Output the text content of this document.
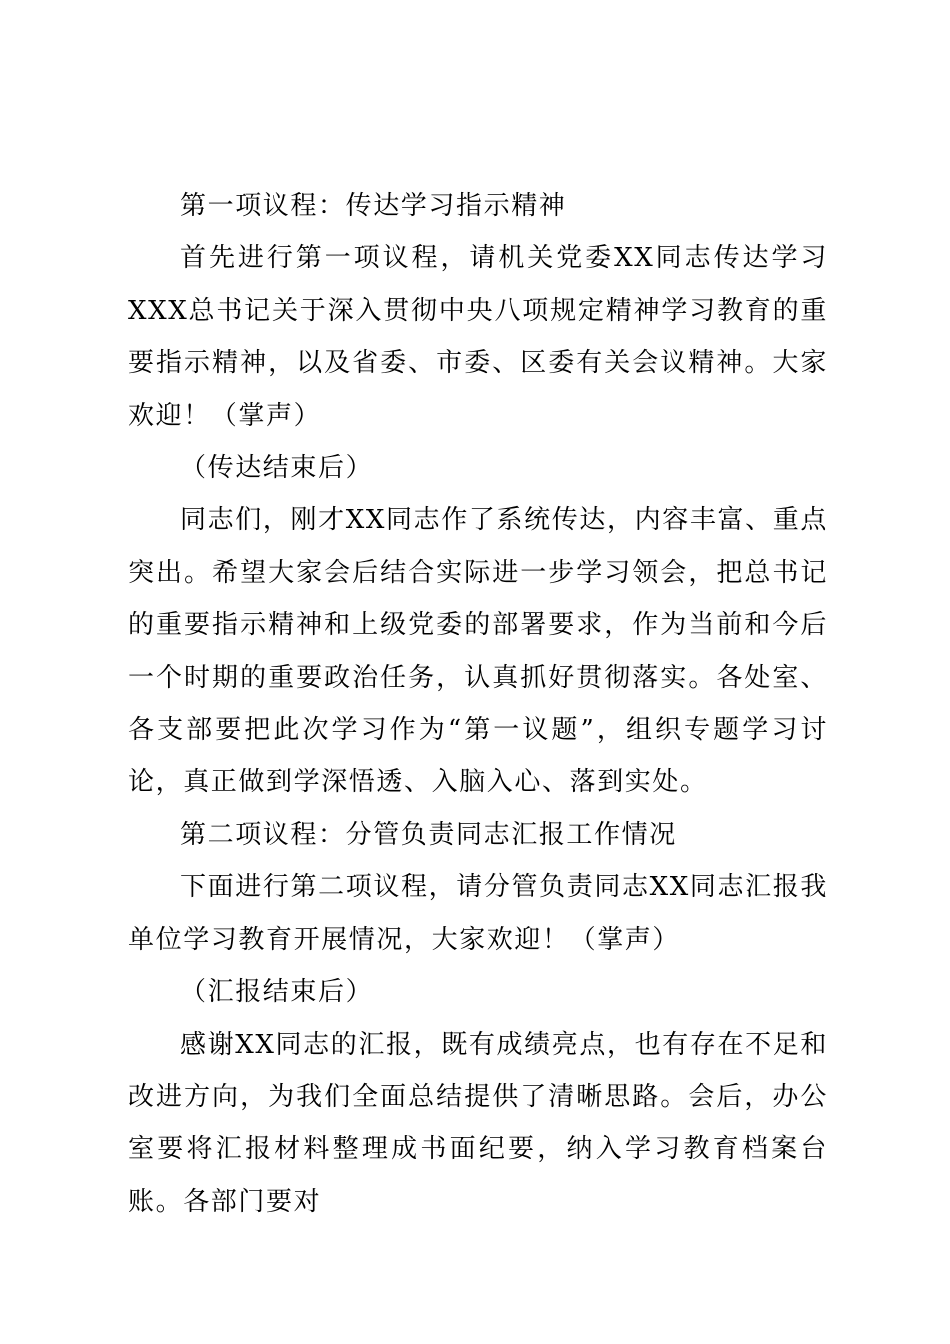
第一项议程：传达学习指示精神

首先进行第一项议程，请机关党委XX同志传达学习XXX总书记关于深入贯彻中央八项规定精神学习教育的重要指示精神，以及省委、市委、区委有关会议精神。大家欢迎！（掌声）

（传达结束后）

同志们，刚才XX同志作了系统传达，内容丰富、重点突出。希望大家会后结合实际进一步学习领会，把总书记的重要指示精神和上级党委的部署要求，作为当前和今后一个时期的重要政治任务，认真抓好贯彻落实。各处室、各支部要把此次学习作为“第一议题”，组织专题学习讨论，真正做到学深悟透、入脑入心、落到实处。

第二项议程：分管负责同志汇报工作情况

下面进行第二项议程，请分管负责同志XX同志汇报我单位学习教育开展情况，大家欢迎！（掌声）

（汇报结束后）

感谢XX同志的汇报，既有成绩亮点，也有存在不足和改进方向，为我们全面总结提供了清晰思路。会后，办公室要将汇报材料整理成书面纪要，纳入学习教育档案台账。各部门要对
